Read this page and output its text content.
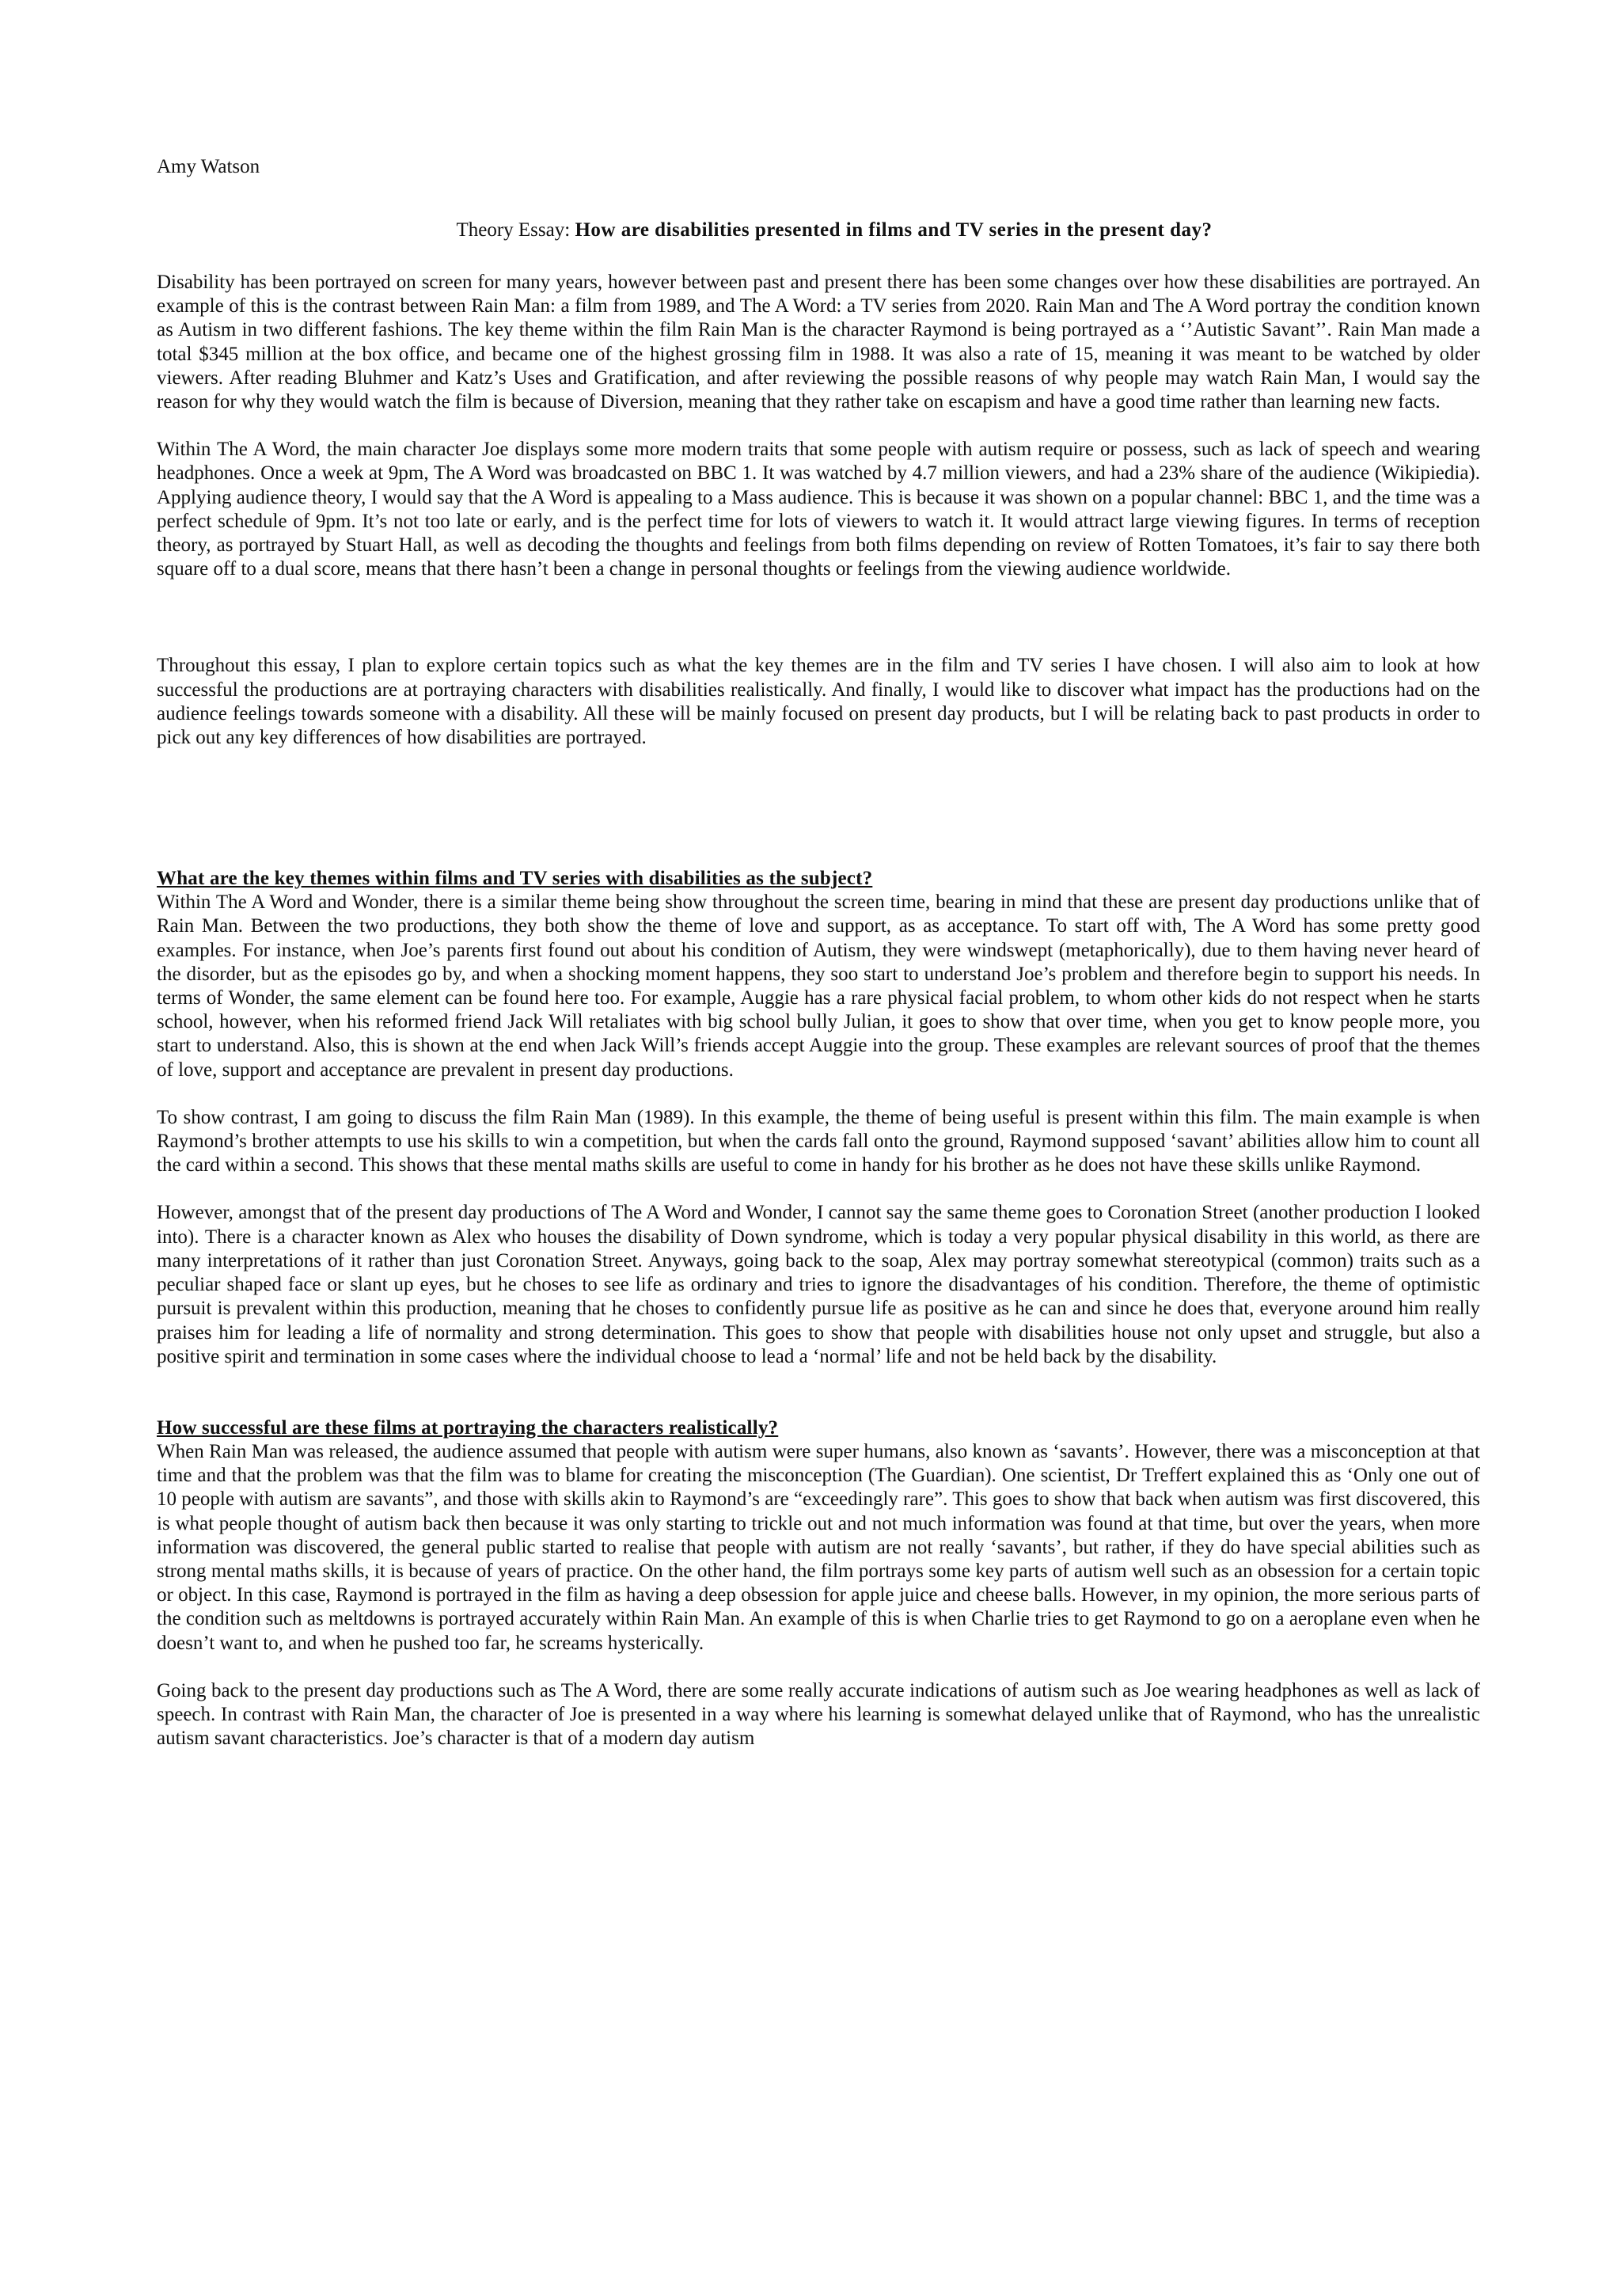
Amy Watson
Theory Essay: How are disabilities presented in films and TV series in the present day?

Disability has been portrayed on screen for many years, however between past and present there has been some changes over how these disabilities are portrayed. An example of this is the contrast between Rain Man: a film from 1989, and The A Word: a TV series from 2020. Rain Man and The A Word portray the condition known as Autism in two different fashions. The key theme within the film Rain Man is the character Raymond is being portrayed as a ‘’Autistic Savant’’. Rain Man made a total $345 million at the box office, and became one of the highest grossing film in 1988. It was also a rate of 15, meaning it was meant to be watched by older viewers. After reading Bluhmer and Katz’s Uses and Gratification, and after reviewing the possible reasons of why people may watch Rain Man, I would say the reason for why they would watch the film is because of Diversion, meaning that they rather take on escapism and have a good time rather than learning new facts.

Within The A Word, the main character Joe displays some more modern traits that some people with autism require or possess, such as lack of speech and wearing headphones. Once a week at 9pm, The A Word was broadcasted on BBC 1. It was watched by 4.7 million viewers, and had a 23% share of the audience (Wikipiedia). Applying audience theory, I would say that the A Word is appealing to a Mass audience. This is because it was shown on a popular channel: BBC 1, and the time was a perfect schedule of 9pm. It’s not too late or early, and is the perfect time for lots of viewers to watch it. It would attract large viewing figures. In terms of reception theory, as portrayed by Stuart Hall, as well as decoding the thoughts and feelings from both films depending on review of Rotten Tomatoes, it’s fair to say there both square off to a dual score, means that there hasn’t been a change in personal thoughts or feelings from the viewing audience worldwide.

Throughout this essay, I plan to explore certain topics such as what the key themes are in the film and TV series I have chosen. I will also aim to look at how successful the productions are at portraying characters with disabilities realistically. And finally, I would like to discover what impact has the productions had on the audience feelings towards someone with a disability. All these will be mainly focused on present day products, but I will be relating back to past products in order to pick out any key differences of how disabilities are portrayed.

What are the key themes within films and TV series with disabilities as the subject?

Within The A Word and Wonder, there is a similar theme being show throughout the screen time, bearing in mind that these are present day productions unlike that of Rain Man. Between the two productions, they both show the theme of love and support, as as acceptance. To start off with, The A Word has some pretty good examples. For instance, when Joe’s parents first found out about his condition of Autism, they were windswept (metaphorically), due to them having never heard of the disorder, but as the episodes go by, and when a shocking moment happens, they soo start to understand Joe’s problem and therefore begin to support his needs. In terms of Wonder, the same element can be found here too. For example, Auggie has a rare physical facial problem, to whom other kids do not respect when he starts school, however, when his reformed friend Jack Will retaliates with big school bully Julian, it goes to show that over time, when you get to know people more, you start to understand. Also, this is shown at the end when Jack Will’s friends accept Auggie into the group. These examples are relevant sources of proof that the themes of love, support and acceptance are prevalent in present day productions.

To show contrast, I am going to discuss the film Rain Man (1989). In this example, the theme of being useful is present within this film. The main example is when Raymond’s brother attempts to use his skills to win a competition, but when the cards fall onto the ground, Raymond supposed ‘savant’ abilities allow him to count all the card within a second. This shows that these mental maths skills are useful to come in handy for his brother as he does not have these skills unlike Raymond.

However, amongst that of the present day productions of The A Word and Wonder, I cannot say the same theme goes to Coronation Street (another production I looked into). There is a character known as Alex who houses the disability of Down syndrome, which is today a very popular physical disability in this world, as there are many interpretations of it rather than just Coronation Street. Anyways, going back to the soap, Alex may portray somewhat stereotypical (common) traits such as a peculiar shaped face or slant up eyes, but he choses to see life as ordinary and tries to ignore the disadvantages of his condition. Therefore, the theme of optimistic pursuit is prevalent within this production, meaning that he choses to confidently pursue life as positive as he can and since he does that, everyone around him really praises him for leading a life of normality and strong determination. This goes to show that people with disabilities house not only upset and struggle, but also a positive spirit and termination in some cases where the individual choose to lead a ‘normal’ life and not be held back by the disability.

How successful are these films at portraying the characters realistically?

When Rain Man was released, the audience assumed that people with autism were super humans, also known as ‘savants’. However, there was a misconception at that time and that the problem was that the film was to blame for creating the misconception (The Guardian). One scientist, Dr Treffert explained this as ‘Only one out of 10 people with autism are savants”, and those with skills akin to Raymond’s are “exceedingly rare”. This goes to show that back when autism was first discovered, this is what people thought of autism back then because it was only starting to trickle out and not much information was found at that time, but over the years, when more information was discovered, the general public started to realise that people with autism are not really ‘savants’, but rather, if they do have special abilities such as strong mental maths skills, it is because of years of practice. On the other hand, the film portrays some key parts of autism well such as an obsession for a certain topic or object. In this case, Raymond is portrayed in the film as having a deep obsession for apple juice and cheese balls. However, in my opinion, the more serious parts of the condition such as meltdowns is portrayed accurately within Rain Man. An example of this is when Charlie tries to get Raymond to go on a aeroplane even when he doesn’t want to, and when he pushed too far, he screams hysterically.

Going back to the present day productions such as The A Word, there are some really accurate indications of autism such as Joe wearing headphones as well as lack of speech. In contrast with Rain Man, the character of Joe is presented in a way where his learning is somewhat delayed unlike that of Raymond, who has the unrealistic autism savant characteristics. Joe’s character is that of a modern day autism
